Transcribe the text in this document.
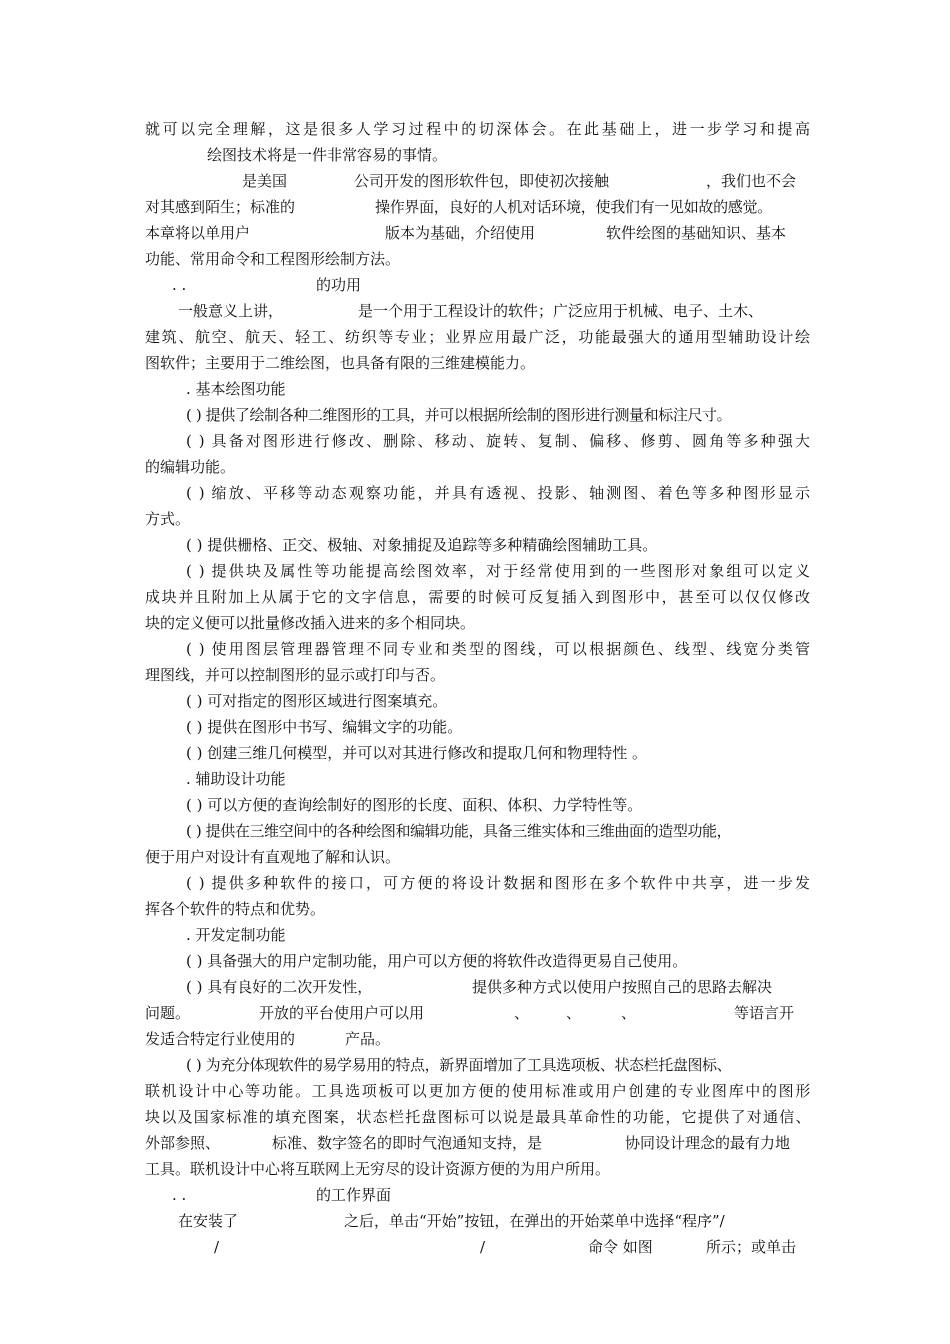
就可以完全理解，这是很多人学习过程中的切深体会。在此基础上，进一步学习和提高

绘图技术将是一件非常容易的事情。

是美国	公司开发的图形软件包，即使初次接触	，我们也不会

对其感到陌生；标准的	操作界面，良好的人机对话环境，使我们有一见如故的感觉。

本章将以单用户	版本为基础，介绍使用	软件绘图的基础知识、基本

功能、常用命令和工程图形绘制方法。

. .	的功用

一般意义上讲，	是一个用于工程设计的软件；广泛应用于机械、电子、土木、

建筑、航空、航天、轻工、纺织等专业；业界应用最广泛，功能最强大的通用型辅助设计绘

图软件；主要用于二维绘图，也具备有限的三维建模能力。

. 基本绘图功能

( ) 提供了绘制各种二维图形的工具，并可以根据所绘制的图形进行测量和标注尺寸。

( ) 具备对图形进行修改、删除、移动、旋转、复制、偏移、修剪、圆角等多种强大

的编辑功能。

( ) 缩放、平移等动态观察功能，并具有透视、投影、轴测图、着色等多种图形显示

方式。

( ) 提供栅格、正交、极轴、对象捕捉及追踪等多种精确绘图辅助工具。

( ) 提供块及属性等功能提高绘图效率，对于经常使用到的一些图形对象组可以定义

成块并且附加上从属于它的文字信息，需要的时候可反复插入到图形中，甚至可以仅仅修改

块的定义便可以批量修改插入进来的多个相同块。

( ) 使用图层管理器管理不同专业和类型的图线，可以根据颜色、线型、线宽分类管

理图线，并可以控制图形的显示或打印与否。

( ) 可对指定的图形区域进行图案填充。

( ) 提供在图形中书写、编辑文字的功能。

( ) 创建三维几何模型，并可以对其进行修改和提取几何和物理特性 。

. 辅助设计功能

( ) 可以方便的查询绘制好的图形的长度、面积、体积、力学特性等。

( ) 提供在三维空间中的各种绘图和编辑功能，具备三维实体和三维曲面的造型功能，

便于用户对设计有直观地了解和认识。

( ) 提供多种软件的接口，可方便的将设计数据和图形在多个软件中共享，进一步发

挥各个软件的特点和优势。

. 开发定制功能

( ) 具备强大的用户定制功能，用户可以方便的将软件改造得更易自己使用。

( ) 具有良好的二次开发性，	提供多种方式以使用户按照自己的思路去解决

问题。	开放的平台使用户可以用	、 、	、	等语言开

发适合特定行业使用的	产品。

( ) 为充分体现软件的易学易用的特点，新界面增加了工具选项板、状态栏托盘图标、

联机设计中心等功能。工具选项板可以更加方便的使用标准或用户创建的专业图库中的图形

块以及国家标准的填充图案，状态栏托盘图标可以说是最具革命性的功能，它提供了对通信、

外部参照、	标准、数字签名的即时气泡通知支持，是	协同设计理念的最有力地

工具。联机设计中心将互联网上无穷尽的设计资源方便的为用户所用。

. .	的工作界面

在安装了	之后，单击“开始”按钮，在弹出的开始菜单中选择“程序”/

/	/	命令 如图	所示；或单击
